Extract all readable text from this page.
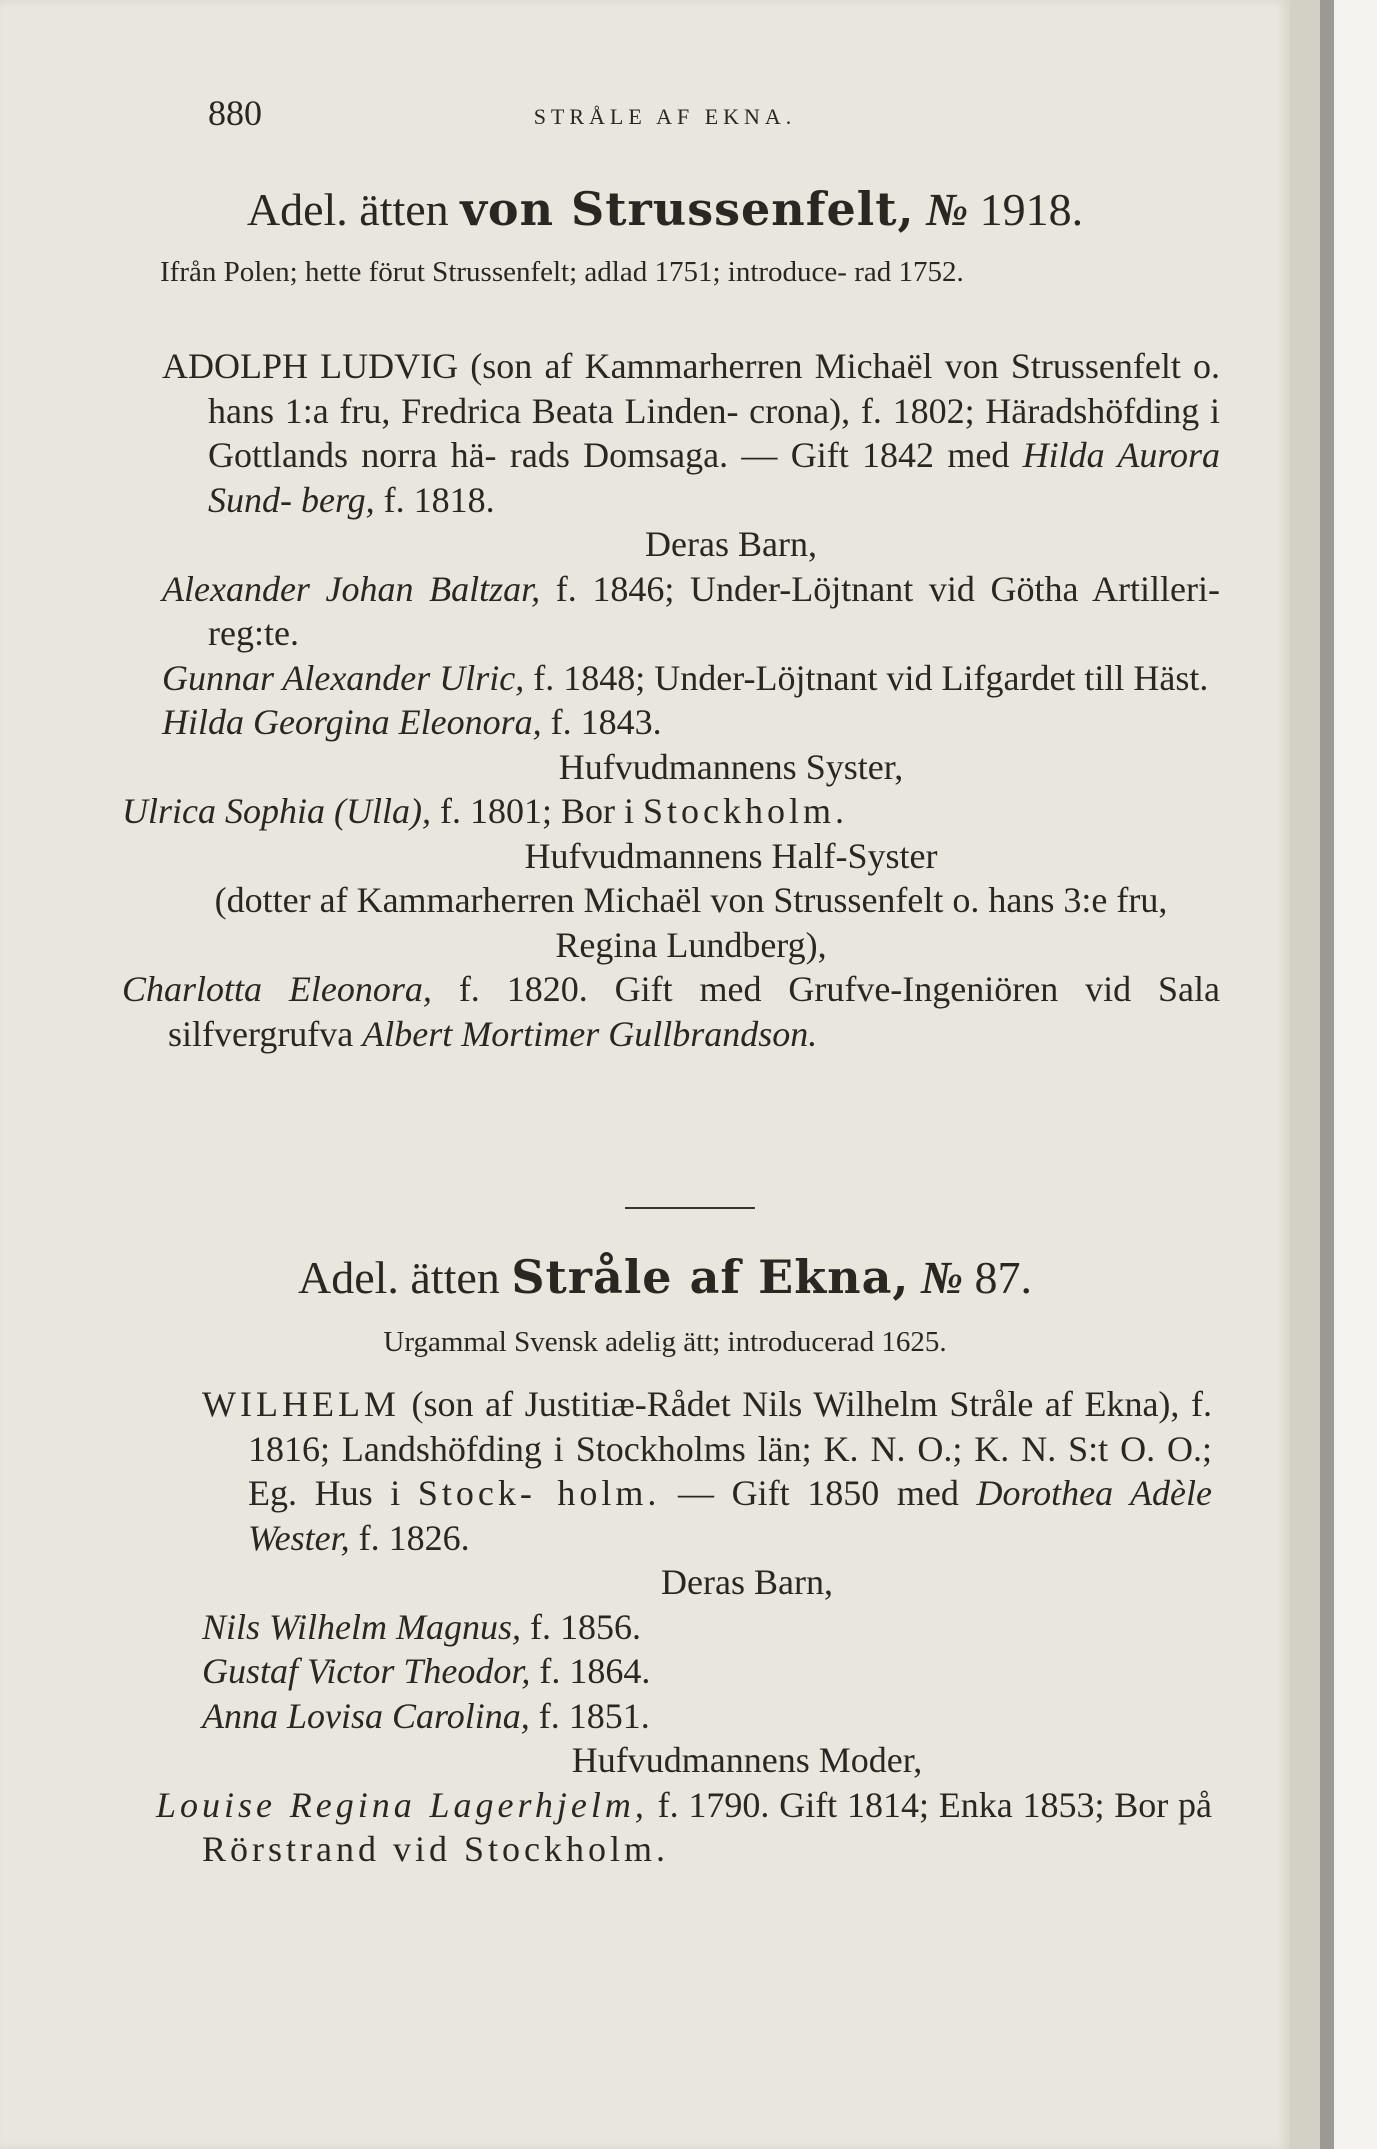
880	STRÅLE AF EKNA.
Adel. ätten von Strussenfelt, № 1918.
Ifrån Polen; hette förut Strussenfelt; adlad 1751; introduce- rad 1752.
ADOLPH LUDVIG (son af Kammarherren Michaël von Strussenfelt o. hans 1:a fru, Fredrica Beata Linden- crona), f. 1802; Häradshöfding i Gottlands norra hä- rads Domsaga. — Gift 1842 med Hilda Aurora Sund- berg, f. 1818.
Deras Barn,
Alexander Johan Baltzar, f. 1846; Under-Löjtnant vid Götha Artilleri-reg:te.
Gunnar Alexander Ulric, f. 1848; Under-Löjtnant vid Lifgardet till Häst.
Hilda Georgina Eleonora, f. 1843.
Hufvudmannens Syster,
Ulrica Sophia (Ulla), f. 1801; Bor i Stockholm.
Hufvudmannens Half-Syster
(dotter af Kammarherren Michaël von Strussenfelt o. hans 3:e fru, Regina Lundberg),
Charlotta Eleonora, f. 1820. Gift med Grufve-Ingeniören vid Sala silfvergrufva Albert Mortimer Gullbrandson.
Adel. ätten Stråle af Ekna, № 87.
Urgammal Svensk adelig ätt; introducerad 1625.
WILHELM (son af Justitiæ-Rådet Nils Wilhelm Stråle af Ekna), f. 1816; Landshöfding i Stockholms län; K. N. O.; K. N. S:t O. O.; Eg. Hus i Stock- holm. — Gift 1850 med Dorothea Adèle Wester, f. 1826.
Deras Barn,
Nils Wilhelm Magnus, f. 1856.
Gustaf Victor Theodor, f. 1864.
Anna Lovisa Carolina, f. 1851.
Hufvudmannens Moder,
Louise Regina Lagerhjelm, f. 1790. Gift 1814; Enka 1853; Bor på Rörstrand vid Stockholm.
